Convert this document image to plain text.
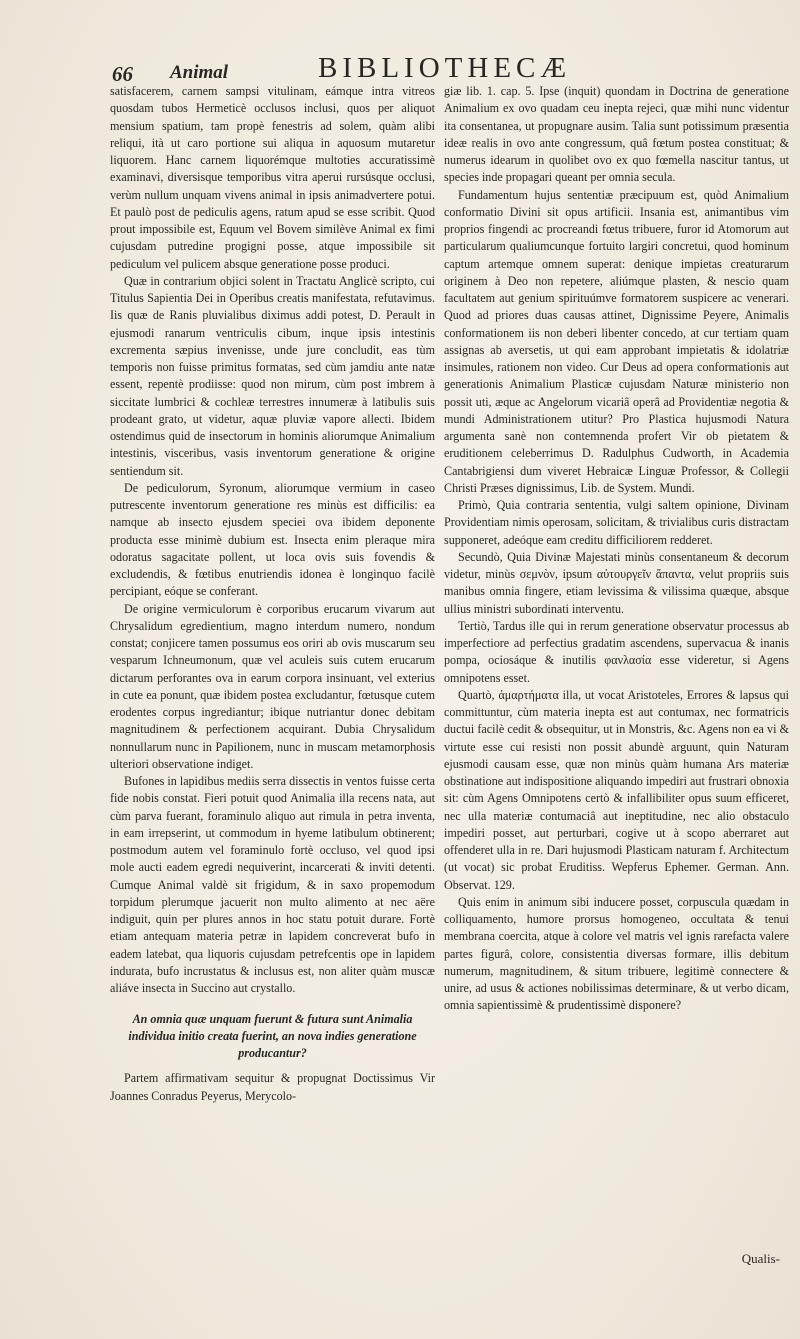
66 Animal	BIBLIOTHECÆ

satisfacerem, carnem sampsi vitulinam, eámque intra vitreos quosdam tubos Hermeticè occlusos inclusi, quos per aliquot mensium spatium, tam propè fenestris ad solem, quàm alibi reliqui, ità ut caro portione sui aliqua in aquosum mutaretur liquorem. Hanc carnem liquorémque multoties accuratissimè examinavi, diversisque temporibus vitra aperui rursúsque occlusi, verùm nullum unquam vivens animal in ipsis animadvertere potui. Et paulò post de pediculis agens, ratum apud se esse scribit. Quod prout impossibile est, Equum vel Bovem similève Animal ex fimi cujusdam putredine progigni posse, atque impossibile sit pediculum vel pulicem absque generatione posse produci.

Quæ in contrarium objici solent in Tractatu Anglicè scripto, cui Titulus Sapientia Dei in Operibus creatis manifestata, refutavimus. Iis quæ de Ranis pluvialibus diximus addi potest, D. Perault in ejusmodi ranarum ventriculis cibum, inque ipsis intestinis excrementa sæpius invenisse, unde jure concludit, eas tùm temporis non fuisse primitus formatas, sed cùm jamdiu ante natæ essent, repentè prodiisse: quod non mirum, cùm post imbrem à siccitate lumbrici & cochleæ terrestres innumeræ à latibulis suis prodeant grato, ut videtur, aquæ pluviæ vapore allecti. Ibidem ostendimus quid de insectorum in hominis aliorumque Animalium intestinis, visceribus, vasis inventorum generatione & origine sentiendum sit.

De pediculorum, Syronum, aliorumque vermium in caseo putrescente inventorum generatione res minùs est difficilis: ea namque ab insecto ejusdem speciei ova ibidem deponente producta esse minimè dubium est. Insecta enim pleraque mira odoratus sagacitate pollent, ut loca ovis suis fovendis & excludendis, & fœtibus enutriendis idonea è longinquo facilè percipiant, eóque se conferant.

De origine vermiculorum è corporibus erucarum vivarum aut Chrysalidum egredientium, magno interdum numero, nondum constat; conjicere tamen possumus eos oriri ab ovis muscarum seu vesparum Ichneumonum, quæ vel aculeis suis cutem erucarum dictarum perforantes ova in earum corpora insinuant, vel exterius in cute ea ponunt, quæ ibidem postea excludantur, fœtusque cutem erodentes corpus ingrediantur; ibique nutriantur donec debitam magnitudinem & perfectionem acquirant. Dubia Chrysalidum nonnullarum nunc in Papilionem, nunc in muscam metamorphosis ulteriori observatione indiget.

Bufones in lapidibus mediis serra dissectis in ventos fuisse certa fide nobis constat. Fieri potuit quod Animalia illa recens nata, aut cùm parva fuerant, foraminulo aliquo aut rimula in petra inventa, in eam irrepserint, ut commodum in hyeme latibulum obtinerent; postmodum autem vel foraminulo fortè occluso, vel quod ipsi mole aucti eadem egredi nequiverint, incarcerati & inviti detenti. Cumque Animal valdè sit frigidum, & in saxo propemodum torpidum plerumque jacuerit non multo alimento at nec aëre indiguit, quin per plures annos in hoc statu potuit durare. Fortè etiam antequam materia petræ in lapidem concreverat bufo in eadem latebat, qua liquoris cujusdam petrefcentis ope in lapidem indurata, bufo incrustatus & inclusus est, non aliter quàm muscæ aliáve insecta in Succino aut crystallo.

An omnia quæ unquam fuerunt & futura sunt Animalia individua initio creata fuerint, an nova indies generatione producantur?

Partem affirmativam sequitur & propugnat Doctissimus Vir Joannes Conradus Peyerus, Merycolo-

giæ lib. 1. cap. 5. Ipse (inquit) quondam in Doctrina de generatione Animalium ex ovo quadam ceu inepta rejeci, quæ mihi nunc videntur ita consentanea, ut propugnare ausim. Talia sunt potissimum præsentia ideæ realis in ovo ante congressum, quâ fœtum postea constituat; & numerus idearum in quolibet ovo ex quo fœmella nascitur tantus, ut species inde propagari queant per omnia secula.

Fundamentum hujus sententiæ præcipuum est, quòd Animalium conformatio Divini sit opus artificii. Insania est, animantibus vim proprios fingendi ac procreandi fœtus tribuere, furor id Atomorum aut particularum qualiumcunque fortuito largiri concretui, quod hominum captum artemque omnem superat: denique impietas creaturarum originem à Deo non repetere, aliúmque plasten, & nescio quam facultatem aut genium spirituúmve formatorem suspicere ac venerari. Quod ad priores duas causas attinet, Dignissime Peyere, Animalis conformationem iis non deberi libenter concedo, at cur tertiam quam assignas ab aversetis, ut qui eam approbant impietatis & idolatriæ insimules, rationem non video. Cur Deus ad opera conformationis aut generationis Animalium Plasticæ cujusdam Naturæ ministerio non possit uti, æque ac Angelorum vicariâ operâ ad Providentiæ negotia & mundi Administrationem utitur? Pro Plastica hujusmodi Natura argumenta sanè non contemnenda profert Vir ob pietatem & eruditionem celeberrimus D. Radulphus Cudworth, in Academia Cantabrigiensi dum viveret Hebraicæ Linguæ Professor, & Collegii Christi Præses dignissimus, Lib. de System. Mundi.

Primò, Quia contraria sententia, vulgi saltem opinione, Divinam Providentiam nimis operosam, solicitam, & trivialibus curis distractam supponeret, adeóque eam creditu difficiliorem redderet.

Secundò, Quia Divinæ Majestati minùs consentaneum & decorum videtur, minùs σεμνὸν, ipsum αὐτουργεῖν ἅπαντα, velut propriis suis manibus omnia fingere, etiam levissima & vilissima quæque, absque ullius ministri subordinati interventu.

Tertiò, Tardus ille qui in rerum generatione observatur processus ab imperfectiore ad perfectius gradatim ascendens, supervacua & inanis pompa, ociosáque & inutilis φανλασία esse videretur, si Agens omnipotens esset.

Quartò, ἁμαρτήματα illa, ut vocat Aristoteles, Errores & lapsus qui committuntur, cùm materia inepta est aut contumax, nec formatricis ductui facilè cedit & obsequitur, ut in Monstris, &c. Agens non ea vi & virtute esse cui resisti non possit abundè arguunt, quin Naturam ejusmodi causam esse, quæ non minùs quàm humana Ars materiæ obstinatione aut indispositione aliquando impediri aut frustrari obnoxia sit: cùm Agens Omnipotens certò & infallibiliter opus suum efficeret, nec ulla materiæ contumaciâ aut ineptitudine, nec alio obstaculo impediri posset, aut perturbari, cogive ut à scopo aberraret aut offenderet ulla in re. Dari hujusmodi Plasticam naturam f. Architectum (ut vocat) sic probat Eruditiss. Wepferus Ephemer. German. Ann. Observat. 129.

Quis enim in animum sibi inducere posset, corpuscula quædam in colliquamento, humore prorsus homogeneo, occultata & tenui membrana coercita, atque à colore vel matris vel ignis rarefacta valere partes figurâ, colore, consistentia diversas formare, illis debitum numerum, magnitudinem, & situm tribuere, legitimè connectere & unire, ad usus & actiones nobilissimas determinare, & ut verbo dicam, omnia sapientissimè & prudentissimè disponere?

Qualis-
